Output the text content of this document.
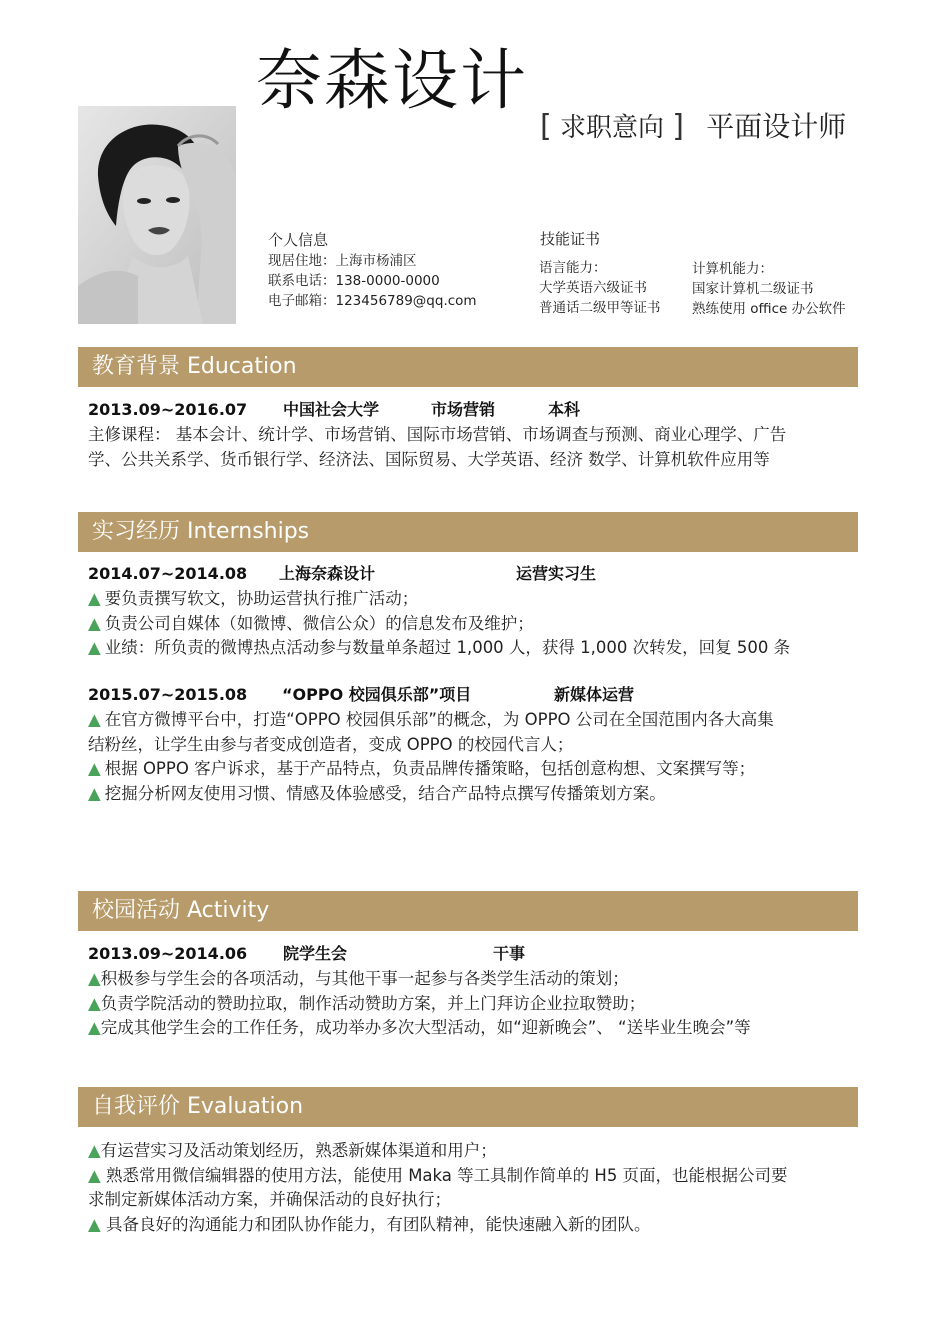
奈森设计
[ 求职意向 ] 平面设计师
个人信息
现居住地：上海市杨浦区
联系电话：138-0000-0000
电子邮箱：123456789@qq.com
技能证书
语言能力：
大学英语六级证书
普通话二级甲等证书
计算机能力：
国家计算机二级证书
熟练使用 office 办公软件
教育背景 Education
2013.09~2016.07 中国社会大学	市场营销	本科
主修课程： 基本会计、统计学、市场营销、国际市场营销、市场调查与预测、商业心理学、广告
学、公共关系学、货币银行学、经济法、国际贸易、大学英语、经济 数学、计算机软件应用等
实习经历 Internships
2014.07~2014.08 上海奈森设计	运营实习生
▲ 要负责撰写软文，协助运营执行推广活动；
▲ 负责公司自媒体（如微博、微信公众）的信息发布及维护；
▲ 业绩：所负责的微博热点活动参与数量单条超过 1,000 人，获得 1,000 次转发，回复 500 条
2015.07~2015.08 “OPPO 校园俱乐部”项目	新媒体运营
▲ 在官方微博平台中，打造“OPPO 校园俱乐部”的概念，为 OPPO 公司在全国范围内各大高集
结粉丝，让学生由参与者变成创造者，变成 OPPO 的校园代言人；
▲ 根据 OPPO 客户诉求，基于产品特点，负责品牌传播策略，包括创意构想、文案撰写等；
▲ 挖掘分析网友使用习惯、情感及体验感受，结合产品特点撰写传播策划方案。
校园活动 Activity
2013.09~2014.06 院学生会	干事
▲积极参与学生会的各项活动，与其他干事一起参与各类学生活动的策划；
▲负责学院活动的赞助拉取，制作活动赞助方案，并上门拜访企业拉取赞助；
▲完成其他学生会的工作任务，成功举办多次大型活动，如“迎新晚会”、 “送毕业生晚会”等
自我评价 Evaluation
▲有运营实习及活动策划经历，熟悉新媒体渠道和用户；
▲ 熟悉常用微信编辑器的使用方法，能使用 Maka 等工具制作简单的 H5 页面，也能根据公司要
求制定新媒体活动方案，并确保活动的良好执行；
▲ 具备良好的沟通能力和团队协作能力，有团队精神，能快速融入新的团队。
